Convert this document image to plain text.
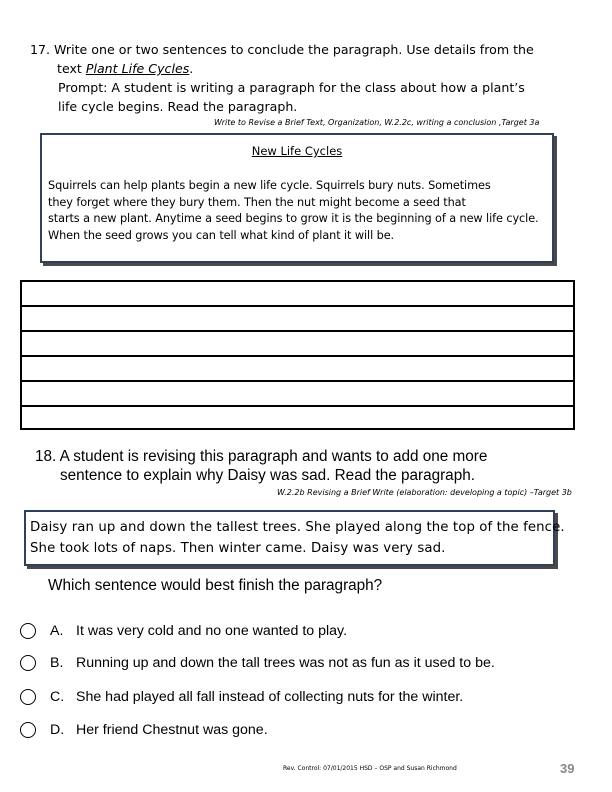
17. Write one or two sentences to conclude the paragraph. Use details from the
text Plant Life Cycles.
Prompt: A student is writing a paragraph for the class about how a plant’s
life cycle begins. Read the paragraph.
Write to Revise a Brief Text, Organization, W.2.2c, writing a conclusion ,Target 3a
New Life Cycles
Squirrels can help plants begin a new life cycle. Squirrels bury nuts. Sometimes
they forget where they bury them. Then the nut might become a seed that
starts a new plant. Anytime a seed begins to grow it is the beginning of a new life cycle.
When the seed grows you can tell what kind of plant it will be.
18. A student is revising this paragraph and wants to add one more
sentence to explain why Daisy was sad. Read the paragraph.
W.2.2b Revising a Brief Write (elaboration: developing a topic) –Target 3b
Daisy ran up and down the tallest trees. She played along the top of the fence.
She took lots of naps. Then winter came. Daisy was very sad.
Which sentence would best finish the paragraph?
A. It was very cold and no one wanted to play.
B. Running up and down the tall trees was not as fun as it used to be.
C. She had played all fall instead of collecting nuts for the winter.
D. Her friend Chestnut was gone.
Rev. Control: 07/01/2015 HSD – OSP and Susan Richmond	39
